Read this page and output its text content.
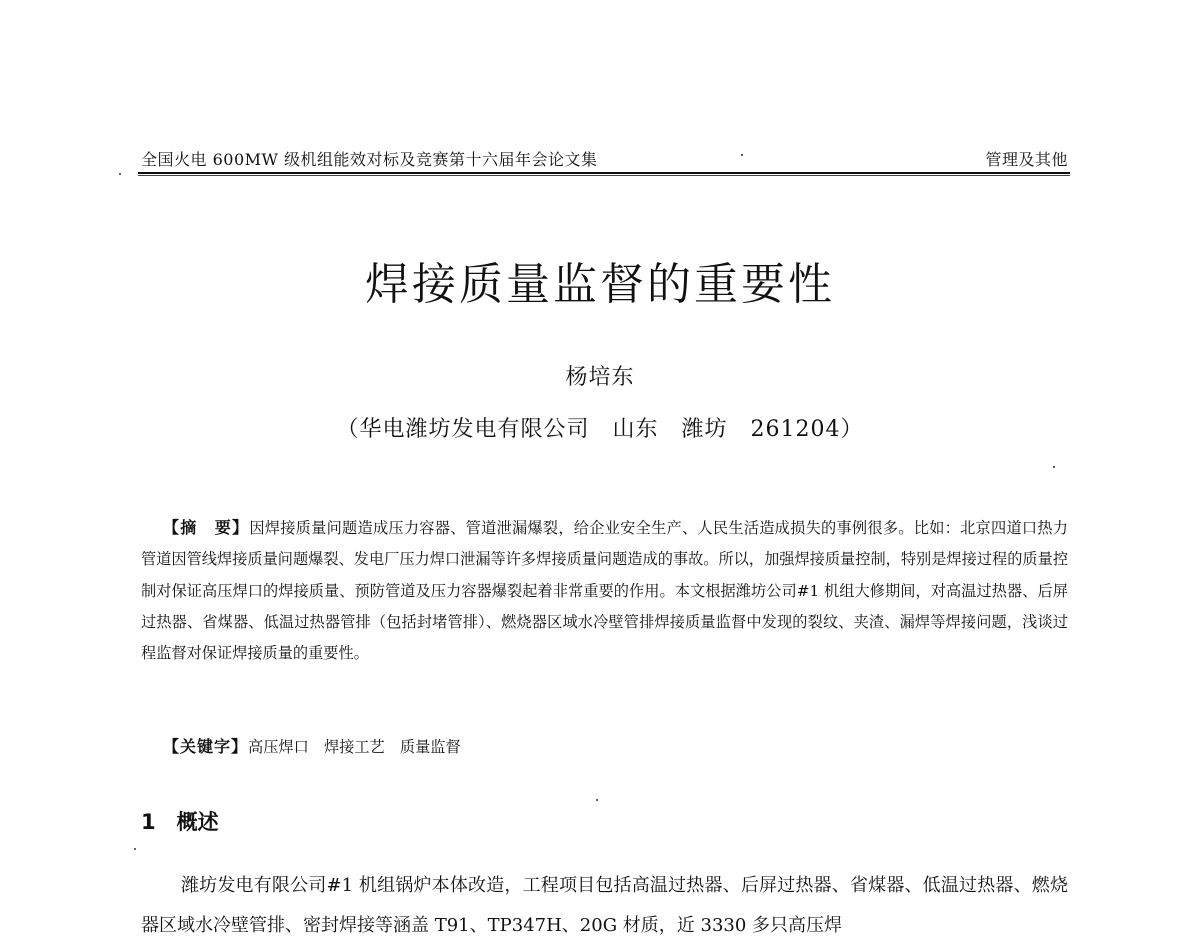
全国火电 600MW 级机组能效对标及竞赛第十六届年会论文集	管理及其他
焊接质量监督的重要性
杨培东
（华电潍坊发电有限公司　山东　潍坊　261204）
【摘　要】因焊接质量问题造成压力容器、管道泄漏爆裂，给企业安全生产、人民生活造成损失的事例很多。比如：北京四道口热力管道因管线焊接质量问题爆裂、发电厂压力焊口泄漏等许多焊接质量问题造成的事故。所以，加强焊接质量控制，特别是焊接过程的质量控制对保证高压焊口的焊接质量、预防管道及压力容器爆裂起着非常重要的作用。本文根据潍坊公司#1 机组大修期间，对高温过热器、后屏过热器、省煤器、低温过热器管排（包括封堵管排）、燃烧器区域水冷壁管排焊接质量监督中发现的裂纹、夹渣、漏焊等焊接问题，浅谈过程监督对保证焊接质量的重要性。
【关键字】高压焊口　焊接工艺　质量监督
1　 概述
潍坊发电有限公司#1 机组锅炉本体改造，工程项目包括高温过热器、后屏过热器、省煤器、低温过热器、燃烧器区域水冷壁管排、密封焊接等涵盖 T91、TP347H、20G 材质，近 3330 多只高压焊
